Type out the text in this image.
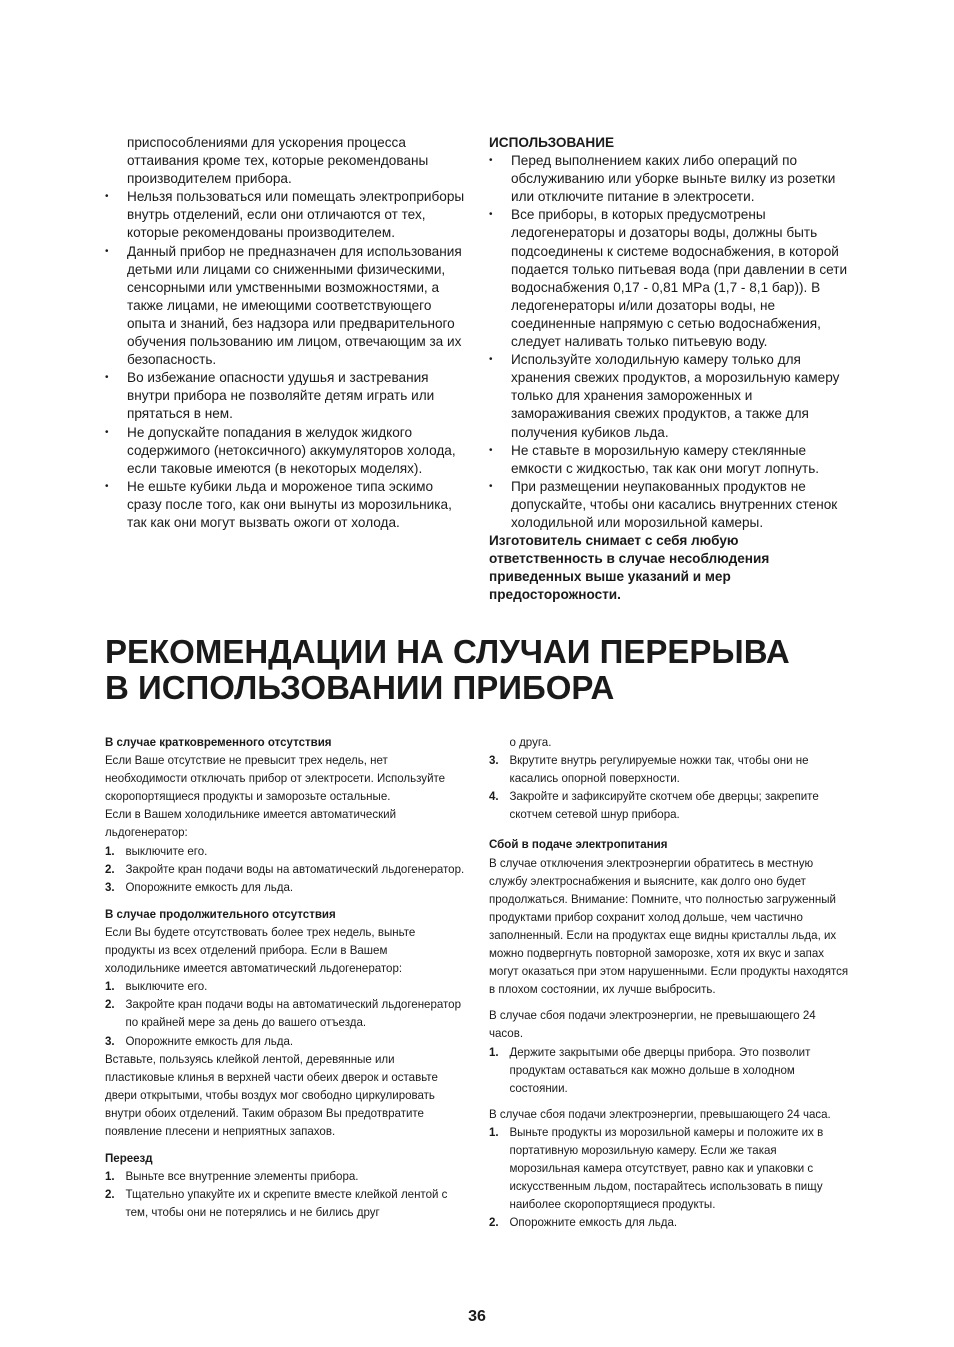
приспособлениями для ускорения процесса оттаивания кроме тех, которые рекомендованы производителем прибора.
• Нельзя пользоваться или помещать электроприборы внутрь отделений, если они отличаются от тех, которые рекомендованы производителем.
• Данный прибор не предназначен для использования детьми или лицами со сниженными физическими, сенсорными или умственными возможностями, а также лицами, не имеющими соответствующего опыта и знаний, без надзора или предварительного обучения пользованию им лицом, отвечающим за их безопасность.
• Во избежание опасности удушья и застревания внутри прибора не позволяйте детям играть или прятаться в нем.
• Не допускайте попадания в желудок жидкого содержимого (нетоксичного) аккумуляторов холода, если таковые имеются (в некоторых моделях).
• Не ешьте кубики льда и мороженое типа эскимо сразу после того, как они вынуты из морозильника, так как они могут вызвать ожоги от холода.
ИСПОЛЬЗОВАНИЕ
• Перед выполнением каких либо операций по обслуживанию или уборке выньте вилку из розетки или отключите питание в электросети.
• Все приборы, в которых предусмотрены ледогенераторы и дозаторы воды, должны быть подсоединены к системе водоснабжения, в которой подается только питьевая вода (при давлении в сети водоснабжения 0,17 - 0,81 MPa (1,7 - 8,1 бар)). В ледогенераторы и/или дозаторы воды, не соединенные напрямую с сетью водоснабжения, следует наливать только питьевую воду.
• Используйте холодильную камеру только для хранения свежих продуктов, а морозильную камеру только для хранения замороженных и замораживания свежих продуктов, а также для получения кубиков льда.
• Не ставьте в морозильную камеру стеклянные емкости с жидкостью, так как они могут лопнуть.
• При размещении неупакованных продуктов не допускайте, чтобы они касались внутренних стенок холодильной или морозильной камеры.
Изготовитель снимает с себя любую ответственность в случае несоблюдения приведенных выше указаний и мер предосторожности.
РЕКОМЕНДАЦИИ НА СЛУЧАИ ПЕРЕРЫВА
В ИСПОЛЬЗОВАНИИ ПРИБОРА
В случае кратковременного отсутствия
Если Ваше отсутствие не превысит трех недель, нет необходимости отключать прибор от электросети. Используйте скоропортящиеся продукты и заморозьте остальные.
Если в Вашем холодильнике имеется автоматический льдогенератор:
1. выключите его.
2. Закройте кран подачи воды на автоматический льдогенератор.
3. Опорожните емкость для льда.
В случае продолжительного отсутствия
Если Вы будете отсутствовать более трех недель, выньте продукты из всех отделений прибора. Если в Вашем холодильнике имеется автоматический льдогенератор:
1. выключите его.
2. Закройте кран подачи воды на автоматический льдогенератор по крайней мере за день до вашего отъезда.
3. Опорожните емкость для льда.
Вставьте, пользуясь клейкой лентой, деревянные или пластиковые клинья в верхней части обеих дверок и оставьте двери открытыми, чтобы воздух мог свободно циркулировать внутри обоих отделений. Таким образом Вы предотвратите появление плесени и неприятных запахов.
Переезд
1. Выньте все внутренние элементы прибора.
2. Тщательно упакуйте их и скрепите вместе клейкой лентой с тем, чтобы они не потерялись и не бились друг
о друга.
3. Вкрутите внутрь регулируемые ножки так, чтобы они не касались опорной поверхности.
4. Закройте и зафиксируйте скотчем обе дверцы; закрепите скотчем сетевой шнур прибора.
Сбой в подаче электропитания
В случае отключения электроэнергии обратитесь в местную службу электроснабжения и выясните, как долго оно будет продолжаться. Внимание: Помните, что полностью загруженный продуктами прибор сохранит холод дольше, чем частично заполненный. Если на продуктах еще видны кристаллы льда, их можно подвергнуть повторной заморозке, хотя их вкус и запах могут оказаться при этом нарушенными. Если продукты находятся в плохом состоянии, их лучше выбросить.
В случае сбоя подачи электроэнергии, не превышающего 24 часов.
1. Держите закрытыми обе дверцы прибора. Это позволит продуктам оставаться как можно дольше в холодном состоянии.
В случае сбоя подачи электроэнергии, превышающего 24 часа.
1. Выньте продукты из морозильной камеры и положите их в портативную морозильную камеру. Если же такая морозильная камера отсутствует, равно как и упаковки с искусственным льдом, постарайтесь использовать в пищу наиболее скоропортящиеся продукты.
2. Опорожните емкость для льда.
36
